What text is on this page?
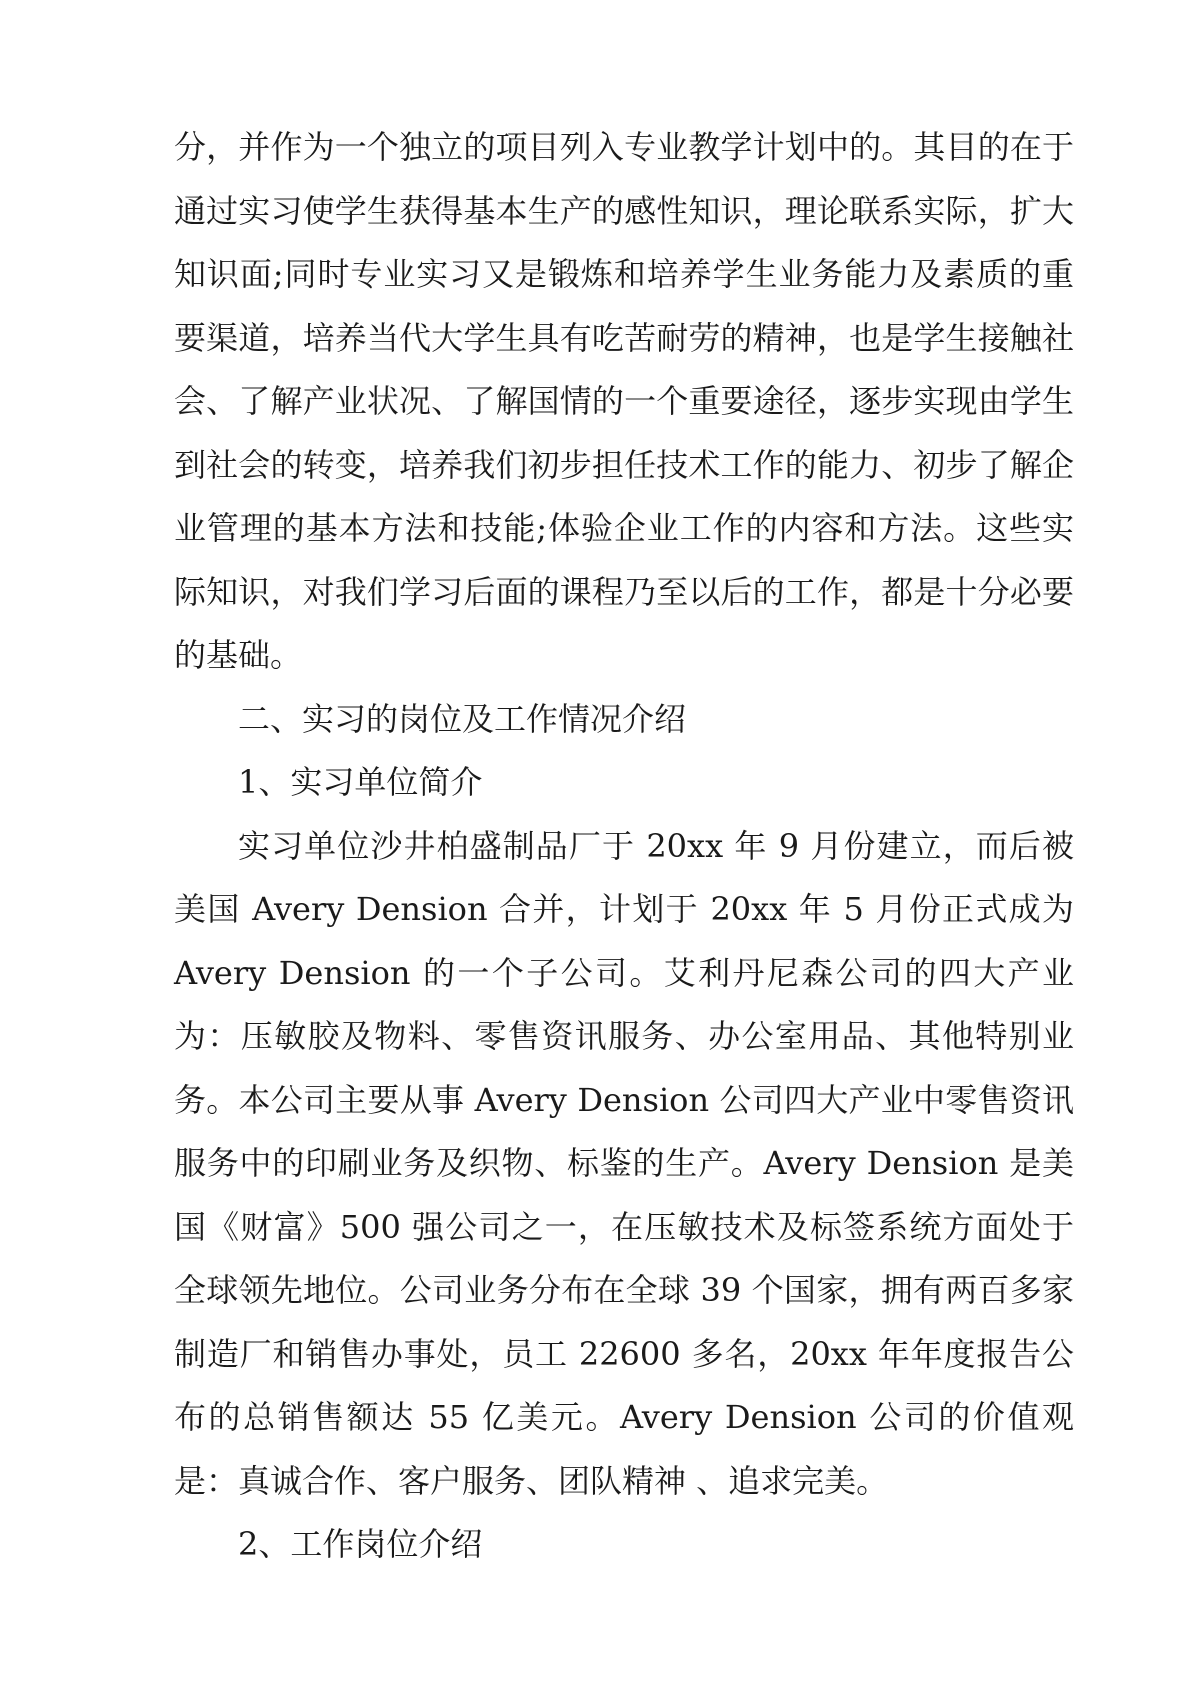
分，并作为一个独立的项目列入专业教学计划中的。其目的在于通过实习使学生获得基本生产的感性知识，理论联系实际，扩大知识面;同时专业实习又是锻炼和培养学生业务能力及素质的重要渠道，培养当代大学生具有吃苦耐劳的精神，也是学生接触社会、了解产业状况、了解国情的一个重要途径，逐步实现由学生到社会的转变，培养我们初步担任技术工作的能力、初步了解企业管理的基本方法和技能;体验企业工作的内容和方法。这些实际知识，对我们学习后面的课程乃至以后的工作，都是十分必要的基础。

二、实习的岗位及工作情况介绍

1、实习单位简介

实习单位沙井柏盛制品厂于 20xx 年 9 月份建立，而后被美国 Avery Dension 合并，计划于 20xx 年 5 月份正式成为 Avery Dension 的一个子公司。艾利丹尼森公司的四大产业为：压敏胶及物料、零售资讯服务、办公室用品、其他特别业务。本公司主要从事 Avery Dension 公司四大产业中零售资讯服务中的印刷业务及织物、标鉴的生产。Avery Dension 是美国《财富》500 强公司之一，在压敏技术及标签系统方面处于全球领先地位。公司业务分布在全球 39 个国家，拥有两百多家制造厂和销售办事处，员工 22600 多名，20xx 年年度报告公布的总销售额达 55 亿美元。Avery Dension 公司的价值观是：真诚合作、客户服务、团队精神 、追求完美。

2、工作岗位介绍
